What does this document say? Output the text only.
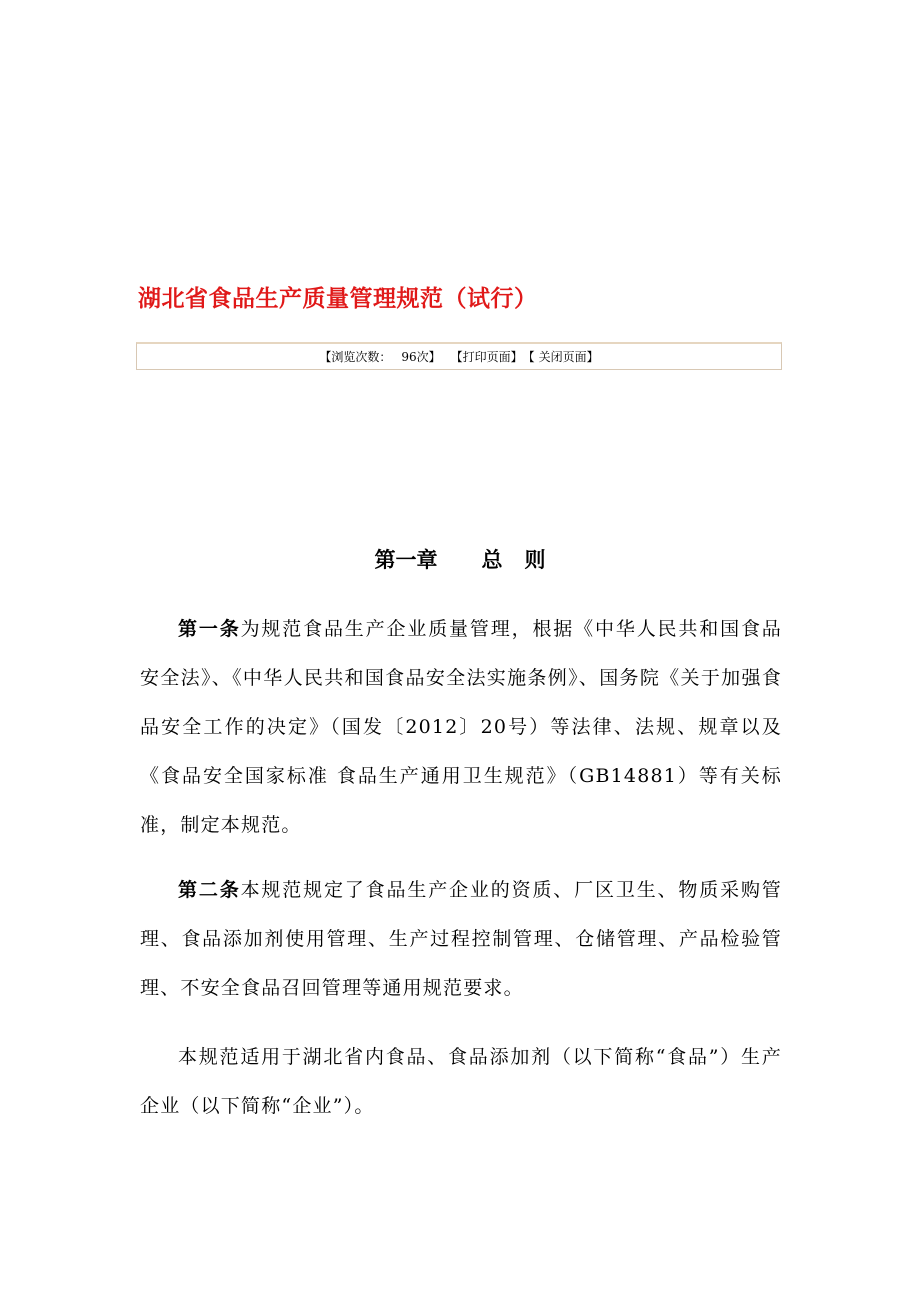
湖北省食品生产质量管理规范（试行）
【浏览次数： 96 次】 【打印页面】 【 关闭页面】
第一章 总则
第一条为规范食品生产企业质量管理，根据《中华人民共和国食品安全法》、《中华人民共和国食品安全法实施条例》、国务院《关于加强食品安全工作的决定》（国发〔2012〕20号）等法律、法规、规章以及《食品安全国家标准 食品生产通用卫生规范》（GB14881）等有关标准，制定本规范。
第二条本规范规定了食品生产企业的资质、厂区卫生、物质采购管理、食品添加剂使用管理、生产过程控制管理、仓储管理、产品检验管理、不安全食品召回管理等通用规范要求。
本规范适用于湖北省内食品、食品添加剂（以下简称“食品”）生产企业（以下简称“企业”）。
